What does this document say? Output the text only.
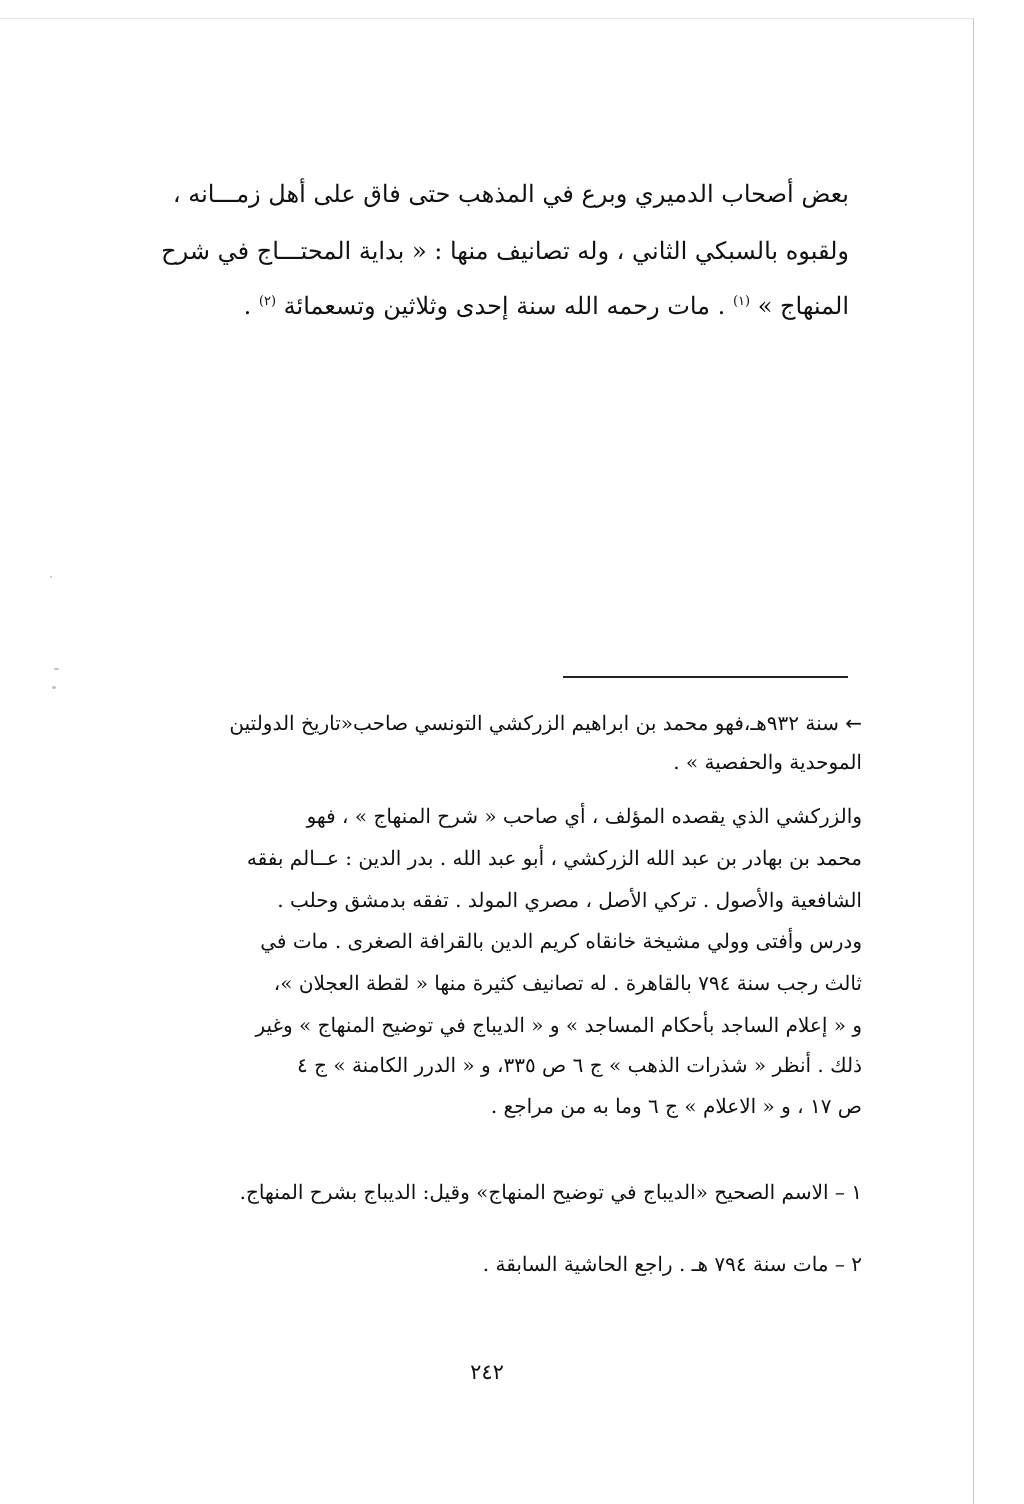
بعض أصحاب الدميري وبرع في المذهب حتى فاق على أهل زمـــانه ،
ولقبوه بالسبكي الثاني ، وله تصانيف منها : « بداية المحتـــاج في شرح
المنهاج » $^{(١)}$ . مات رحمه الله سنة إحدى وثلاثين وتسعمائة $^{(٢)}$ .
← سنة ٩٣٢هـ،فهو محمد بن ابراهيم الزركشي التونسي صاحب«تاريخ الدولتين
الموحدية والحفصية » .
والزركشي الذي يقصده المؤلف ، أي صاحب « شرح المنهاج » ، فهو
محمد بن بهادر بن عبد الله الزركشي ، أبو عبد الله . بدر الدين : عــالم بفقه
الشافعية والأصول . تركي الأصل ، مصري المولد . تفقه بدمشق وحلب .
ودرس وأفتى وولي مشيخة خانقاه كريم الدين بالقرافة الصغرى . مات في
ثالث رجب سنة ٧٩٤ بالقاهرة . له تصانيف كثيرة منها « لقطة العجلان »،
و « إعلام الساجد بأحكام المساجد » و « الديباج في توضيح المنهاج » وغير
ذلك . أنظر « شذرات الذهب » ج ٦ ص ٣٣٥، و « الدرر الكامنة » ج ٤
ص ١٧ ، و « الاعلام » ج ٦ وما به من مراجع .
١ – الاسم الصحيح «الديباج في توضيح المنهاج» وقيل: الديباج بشرح المنهاج.
٢ – مات سنة ٧٩٤ هـ . راجع الحاشية السابقة .
٢٤٢
